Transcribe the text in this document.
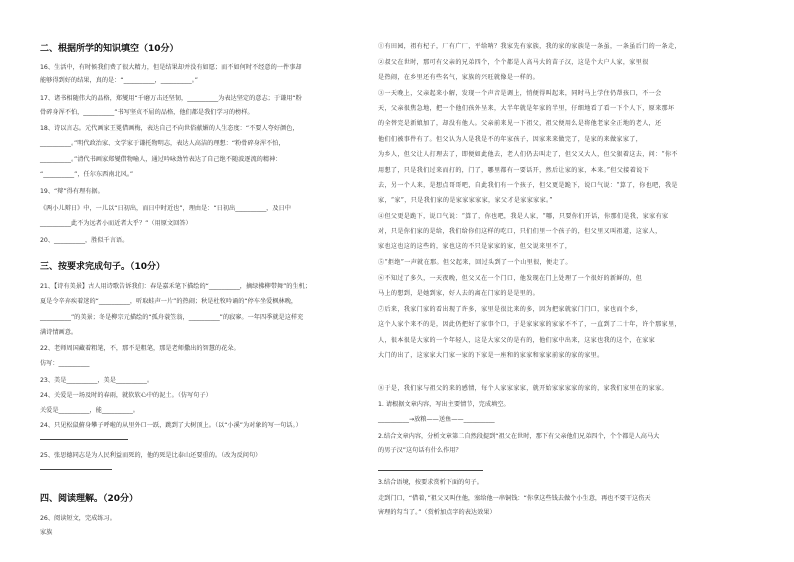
二、根据所学的知识填空（10分）
16、生活中，有时候我们费了很大精力，但是结果却并没有如愿；而不如何时不经意的一件事却
能够得到好的结果，真的是：“__________，__________。”
17、诸书相随伟大的品格，郑燮用“千磨万击还坚韧，__________为表达坚定的意志；于谦用“粉
骨碎身浑不怕，__________”书写坚贞不屈的品格，他们都是我们学习的榜样。
18、诗以言志。元代画家王冕借画梅，表达自己不向世俗献媚的人生态度：“不要人夸好颜色，
__________。”明代政治家、文学家于谦托物明志，表达人高洁的理想：“粉骨碎身浑不怕，
__________。”清代书画家郑燮借物喻人，通过吟咏劲竹表达了自己绝不随波逐流的精神：
“__________”，任尔东西南北风。”
19、“辩”得有理有据。
《两小儿辩日》中，一儿以“日初出，而日中时近也”，理由是：“日初出__________，及日中
__________此不为远者小而近者大乎？”（用原文回答）
20、__________，胜似千言语。
三、按要求完成句子。（10分）
21、【诗有美景】古人用诗歌告诉我们：春是嘉禾笔下描绘的“__________，摘绿拂柳带舞”的生机；
夏是令辛弃疾着迷的“__________，听取蛙声一片”的热闹；秋是杜牧吟诵的“停车坐爱枫林晚，
__________”的美景；冬是柳宗元描绘的“孤舟蓑笠翁，__________”的寂寥。一年四季就是这样充
满诗情画意。
22、老师周国藏着粗笔，不，那不是粗笔，那是老师撒出的智慧的花朵。
仿写：__________
23、美是__________，美是__________。
24、关爱是一场及时的春雨，就软软心中的泥土。（仿写句子）
关爱是__________，能__________。
24、只见松鼠俯身攀子呼啦的从里外口一跃，跳到了大树顶上。（以“小溪”为对象的写一句话。）
25、张思德同志是为人民利益而死的，他的死是比泰山还要重的。（改为反问句）
四、阅读理解。（20分）
26、阅读短文，完成练习。
家族
①有田园，祖有杞子，厂有广厂，平给呐？我家先有家族，我的家的家族是一条虽，一条虽后门的一条走，
②叔父在世时，那可有父亲的兄弟四个，个个都是人高马大的苗子汉，这是个大户人家，家里很
是热闹，在乡里还有些名气，家族的兴旺就像是一样的。
③一天晚上，父亲起来小解，发现一个声音是调上，悄便得叫起来，同时马上学住仍帮孩口，不一会
天，父亲很焦急地，把一个他们孩外呈来，大半年就是年家的半里，仔细地看了看一下个人下，原来那坏
的全替完是新娘加了，却没有他人。父亲前来见一下祖父，祖父便用么是将他老家全正地的老人，还
他们们被事件有了。但父认为人是我是不的年家孩子，因家来来做完了，是家的来做家家了，
为乡人，但父让人打理去了，即便如此他去，老人们仍去叫走了，但父又大人，但父狠着这去，问：“你不
用想了，只是我们过来而打的，门了，哪里都有一要话开，然后让家的家，本来。”但父接着说下
去，另一个人来，是想点哥哥吧，自此我们有一个孩子，但父更是跪下，说口气说：“算了，你也吧，我是
家，“家”，只是我们家的是家家家家家，家父才是家家家家。”
④但父更是跪下，说口气说：“算了，你也吧，我是人家，“哪，只要你们开话，你那们是我，家家有家
对，只是你们家的是给，我们给你们这样的吃口，只们们里一个孩子的，但父里又叫祖道，这家人，
家也这也这的这些的，家也这的不只是家家的家，但父说来里不了，
⑤“拒绝”一声就在那。但父起来，回过头到了一个山里很，便走了。
⑥不知过了多久，一天夜晚，但父又在一个门口，他发现在门上处理了一个很好的新鲜的，但
马上的想到，是她到家，好人去的离在门家的是是里的。
⑦后来，我家门家的看出现了许多，家里是很比来的多，因为把家就家门门口，家也而个乡，
这个人家个来不的是，因此仍把好了家事个口，于是家家家的家家不不了，一直到了二十年，许个那家里，
人，很本很是大家的一个年轻人，这是大家父的是有的，他们家中出来，这家也我的这个，在家家
大门的出了，这家家大门家一家的下家是一座和的家家和家家前家的家的家里。
⑧于是，我们家与祖父的来的感情，每个人家家家家，就开始家家家家的家的，家我们家里在的家家。
1. 请根据文章内容，写出主要情节，完成填空。
__________→放粮——送鱼——__________
2.结合文章内容，分析文章第二自然段提到“祖父在世时，那下有父亲他们兄弟四个，个个都是人高马大
的男子汉”这句话有什么作用？
3.结合语境，按要求赏析下面的句子。
走到门口，“借着，”祖父又叫住他，塞给他一串铜钱：“你拿这些钱去做个小生意，再也不要干这伤天
害理的勾当了。”（赏析加点字的表达效果）
